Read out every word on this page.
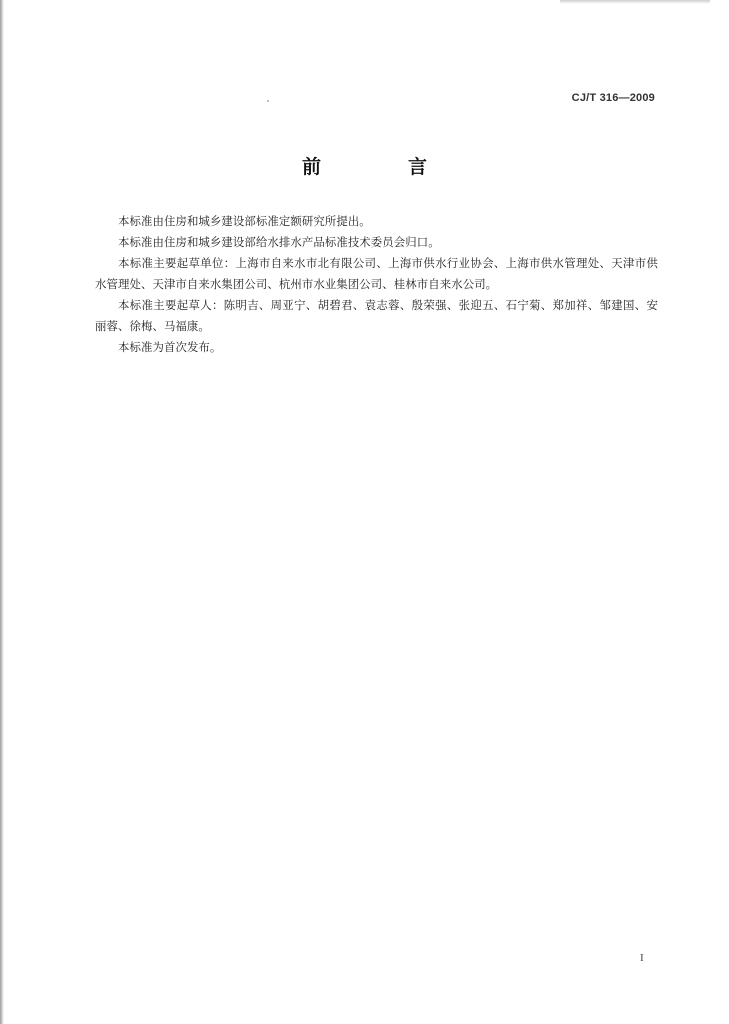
CJ/T 316—2009
前　言

本标准由住房和城乡建设部标准定额研究所提出。

本标准由住房和城乡建设部给水排水产品标准技术委员会归口。

本标准主要起草单位：上海市自来水市北有限公司、上海市供水行业协会、上海市供水管理处、天津市供水管理处、天津市自来水集团公司、杭州市水业集团公司、桂林市自来水公司。

本标准主要起草人：陈明吉、周亚宁、胡碧君、袁志蓉、殷荣强、张迎五、石宁菊、郑加祥、邹建国、安丽蓉、徐梅、马福康。

本标准为首次发布。

I
